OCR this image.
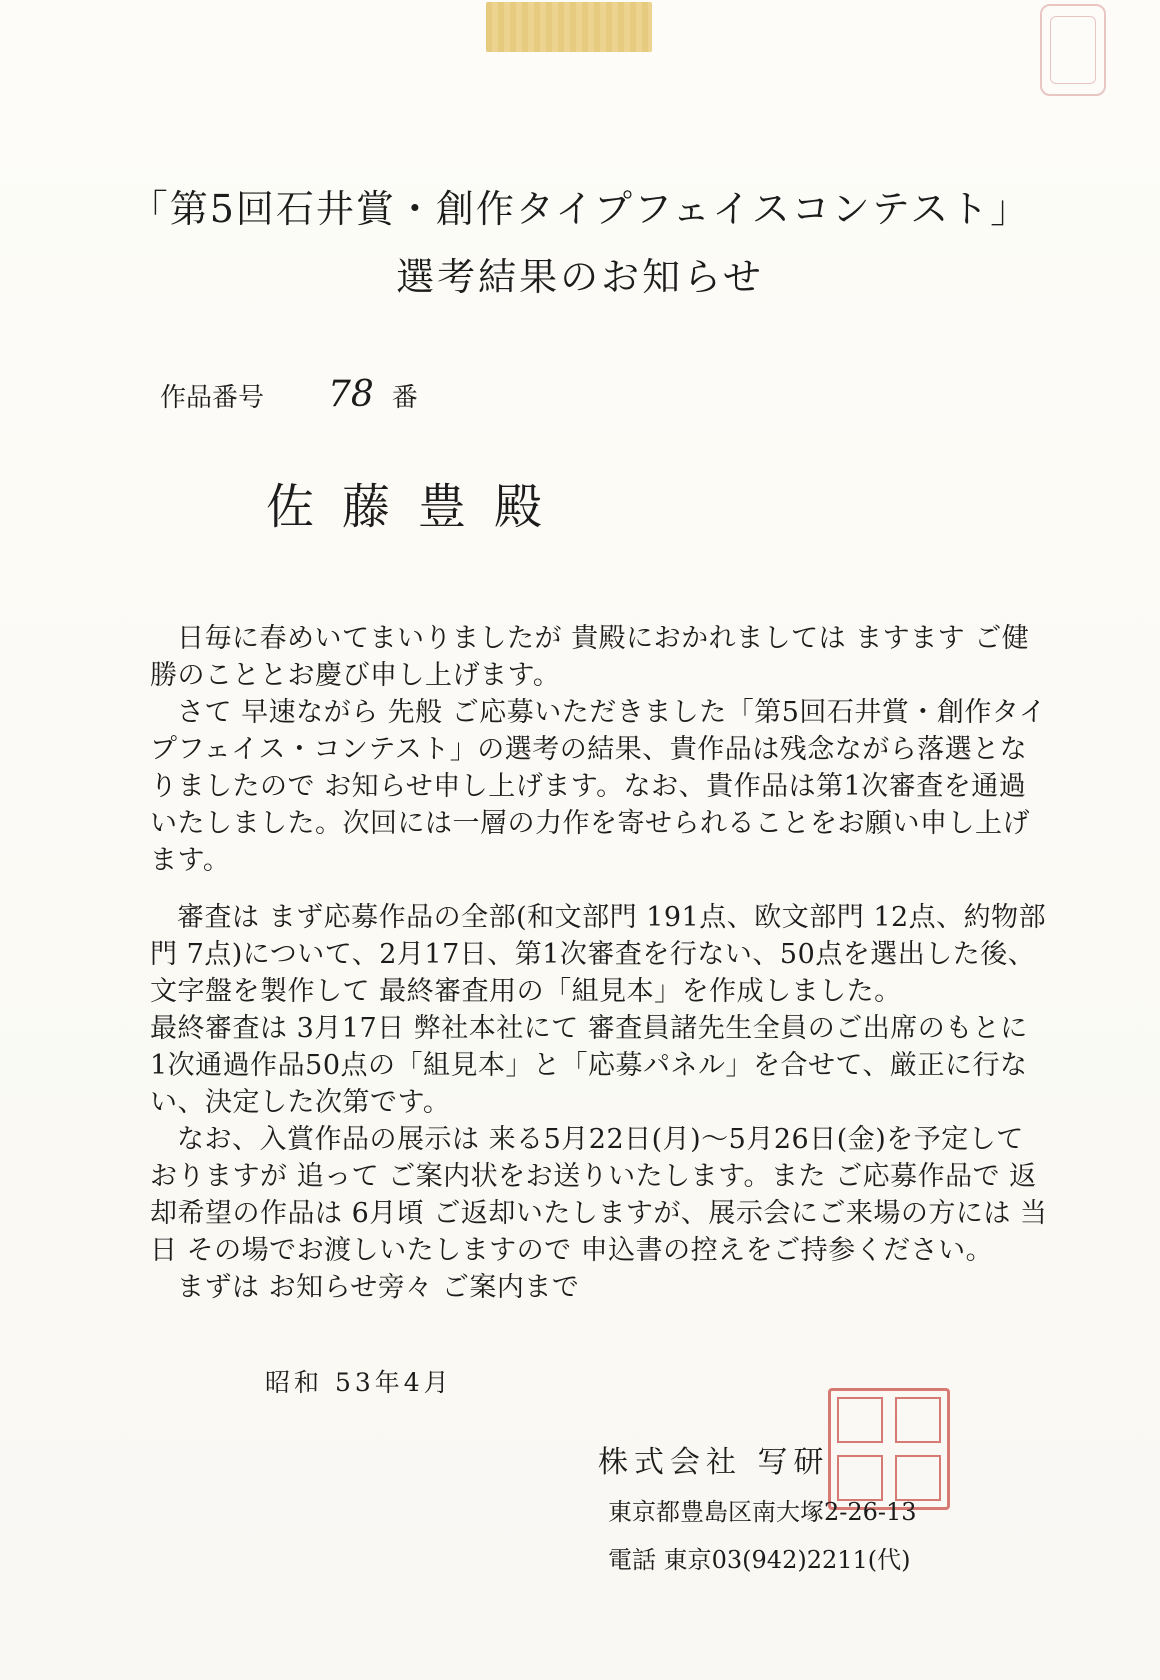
「第5回石井賞・創作タイプフェイスコンテスト」
選考結果のお知らせ
作品番号 78 番
佐藤豊殿

日毎に春めいてまいりましたが 貴殿におかれましては ますます ご健勝のこととお慶び申し上げます。

さて 早速ながら 先般 ご応募いただきました「第5回石井賞・創作タイプフェイス・コンテスト」の選考の結果、貴作品は残念ながら落選となりましたので お知らせ申し上げます。なお、貴作品は第1次審査を通過いたしました。次回には一層の力作を寄せられることをお願い申し上げます。

審査は まず応募作品の全部(和文部門 191点、欧文部門 12点、約物部門 7点)について、2月17日、第1次審査を行ない、50点を選出した後、文字盤を製作して 最終審査用の「組見本」を作成しました。

最終審査は 3月17日 弊社本社にて 審査員諸先生全員のご出席のもとに 1次通過作品50点の「組見本」と「応募パネル」を合せて、厳正に行ない、決定した次第です。

なお、入賞作品の展示は 来る5月22日(月)〜5月26日(金)を予定しておりますが 追って ご案内状をお送りいたします。また ご応募作品で 返却希望の作品は 6月頃 ご返却いたしますが、展示会にご来場の方には 当日 その場でお渡しいたしますので 申込書の控えをご持参ください。

まずは お知らせ旁々 ご案内まで

昭和 53年4月
株式会社 写研
東京都豊島区南大塚2-26-13
電話 東京03(942)2211(代)
